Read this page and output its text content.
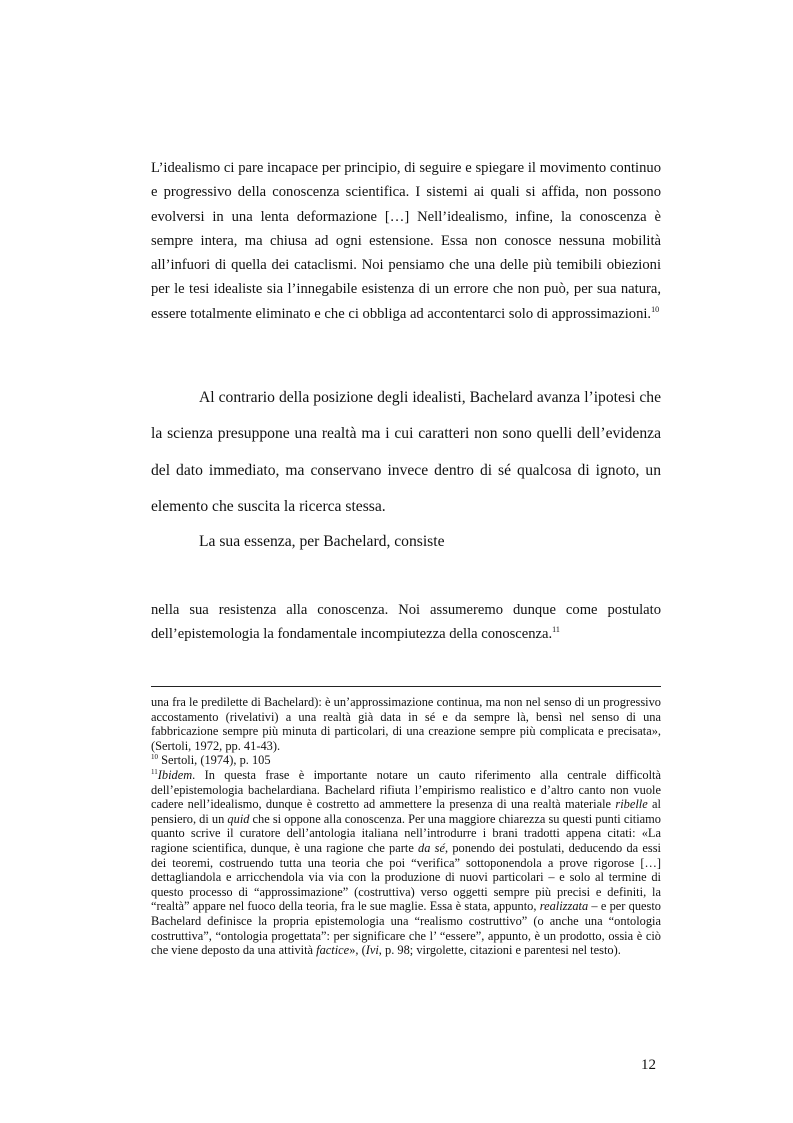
L’idealismo ci pare incapace per principio, di seguire e spiegare il movimento continuo e progressivo della conoscenza scientifica. I sistemi ai quali si affida, non possono evolversi in una lenta deformazione […] Nell’idealismo, infine, la conoscenza è sempre intera, ma chiusa ad ogni estensione. Essa non conosce nessuna mobilità all’infuori di quella dei cataclismi. Noi pensiamo che una delle più temibili obiezioni per le tesi idealiste sia l’innegabile esistenza di un errore che non può, per sua natura, essere totalmente eliminato e che ci obbliga ad accontentarci solo di approssimazioni.$^{10}$

Al contrario della posizione degli idealisti, Bachelard avanza l’ipotesi che la scienza presuppone una realtà ma i cui caratteri non sono quelli dell’evidenza del dato immediato, ma conservano invece dentro di sé qualcosa di ignoto, un elemento che suscita la ricerca stessa.

La sua essenza, per Bachelard, consiste

nella sua resistenza alla conoscenza. Noi assumeremo dunque come postulato dell’epistemologia la fondamentale incompiutezza della conoscenza.$^{11}$

una fra le predilette di Bachelard): è un’approssimazione continua, ma non nel senso di un progressivo accostamento (rivelativi) a una realtà già data in sé e da sempre là, bensì nel senso di una fabbricazione sempre più minuta di particolari, di una creazione sempre più complicata e precisata», (Sertoli, 1972, pp. 41-43).

$^{10}$ Sertoli, (1974), p. 105

$^{11}$Ibidem. In questa frase è importante notare un cauto riferimento alla centrale difficoltà dell’epistemologia bachelardiana. Bachelard rifiuta l’empirismo realistico e d’altro canto non vuole cadere nell’idealismo, dunque è costretto ad ammettere la presenza di una realtà materiale ribelle al pensiero, di un quid che si oppone alla conoscenza. Per una maggiore chiarezza su questi punti citiamo quanto scrive il curatore dell’antologia italiana nell’introdurre i brani tradotti appena citati: «La ragione scientifica, dunque, è una ragione che parte da sé, ponendo dei postulati, deducendo da essi dei teoremi, costruendo tutta una teoria che poi “verifica” sottoponendola a prove rigorose […] dettagliandola e arricchendola via via con la produzione di nuovi particolari – e solo al termine di questo processo di “approssimazione” (costruttiva) verso oggetti sempre più precisi e definiti, la “realtà” appare nel fuoco della teoria, fra le sue maglie. Essa è stata, appunto, realizzata – e per questo Bachelard definisce la propria epistemologia una “realismo costruttivo” (o anche una “ontologia costruttiva”, “ontologia progettata”: per significare che l’ “essere”, appunto, è un prodotto, ossia è ciò che viene deposto da una attività factice», (Ivi, p. 98; virgolette, citazioni e parentesi nel testo).

12
